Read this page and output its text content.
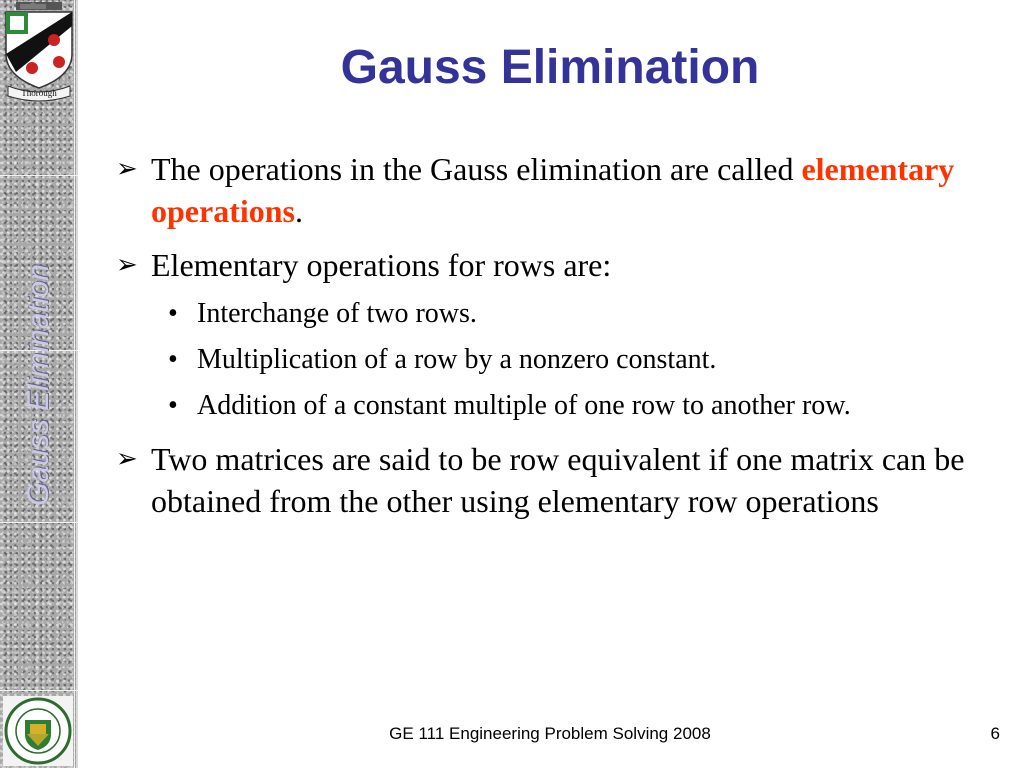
Thorough
Gauss Elimination
Gauss Elimination
➢ The operations in the Gauss elimination are called elementary operations.
➢ Elementary operations for rows are:
• Interchange of two rows.
• Multiplication of a row by a nonzero constant.
• Addition of a constant multiple of one row to another row.
➢ Two matrices are said to be row equivalent if one matrix can be obtained from the other using elementary row operations
GE 111 Engineering Problem Solving 2008	6
